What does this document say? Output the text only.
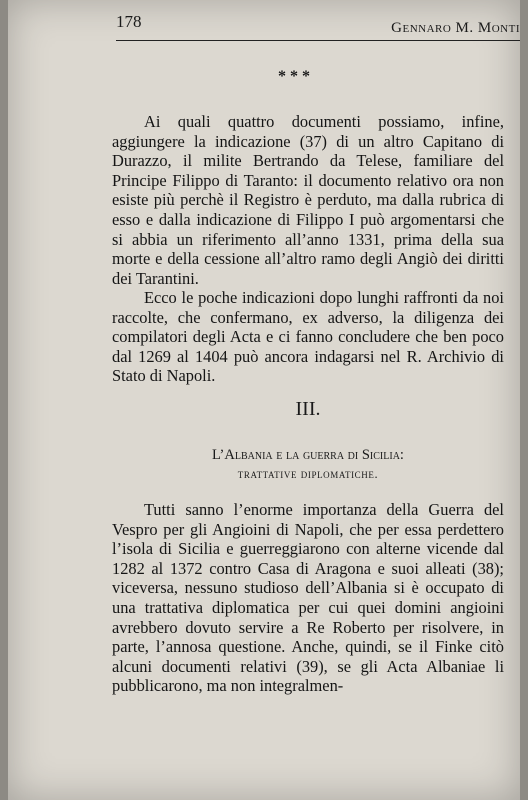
178	Gennaro M. Monti
* * *

Ai quali quattro documenti possiamo, infine, aggiungere la indicazione (37) di un altro Capitano di Durazzo, il milite Bertrando da Telese, familiare del Principe Filippo di Taranto: il documento relativo ora non esiste più perchè il Registro è perduto, ma dalla rubrica di esso e dalla indicazione di Filippo I può argomentarsi che si abbia un riferimento all’anno 1331, prima della sua morte e della cessione all’altro ramo degli Angiò dei diritti dei Tarantini.

Ecco le poche indicazioni dopo lunghi raffronti da noi raccolte, che confermano, ex adverso, la diligenza dei compilatori degli Acta e ci fanno concludere che ben poco dal 1269 al 1404 può ancora indagarsi nel R. Archivio di Stato di Napoli.

III.
L’Albania e la guerra di Sicilia:
trattative diplomatiche.

Tutti sanno l’enorme importanza della Guerra del Vespro per gli Angioini di Napoli, che per essa perdettero l’isola di Sicilia e guerreggiarono con alterne vicende dal 1282 al 1372 contro Casa di Aragona e suoi alleati (38); viceversa, nessuno studioso dell’Albania si è occupato di una trattativa diplomatica per cui quei domini angioini avrebbero dovuto servire a Re Roberto per risolvere, in parte, l’annosa questione. Anche, quindi, se il Finke citò alcuni documenti relativi (39), se gli Acta Albaniae li pubblicarono, ma non integralmen-
